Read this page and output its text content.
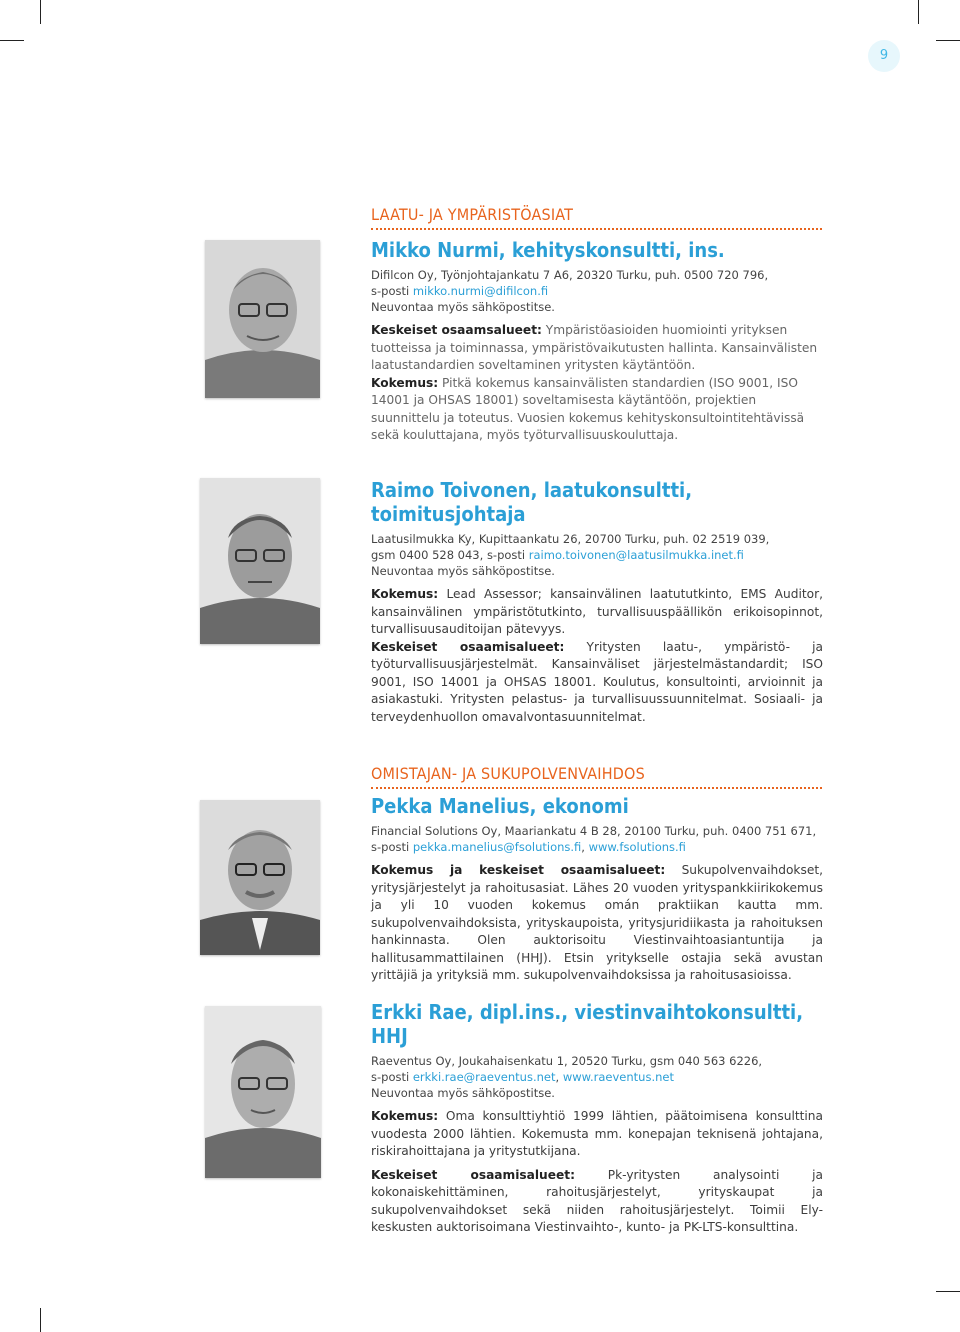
9
LAATU- JA YMPÄRISTÖASIAT
Mikko Nurmi, kehityskonsultti, ins.

Difilcon Oy, Työnjohtajankatu 7 A6, 20320 Turku, puh. 0500 720 796,

s-posti mikko.nurmi@difilcon.fi

Neuvontaa myös sähköpostitse.

Keskeiset osaamsalueet: Ympäristöasioiden huomiointi yrityksen tuotteissa ja toiminnassa, ympäristövaikutusten hallinta. Kansainvälisten laatustandardien soveltaminen yritysten käytäntöön.

Kokemus: Pitkä kokemus kansainvälisten standardien (ISO 9001, ISO 14001 ja OHSAS 18001) soveltamisesta käytäntöön, projektien suunnittelu ja toteutus. Vuosien kokemus kehityskonsultointitehtävissä sekä kouluttajana, myös työturvallisuuskouluttaja.

Raimo Toivonen, laatukonsultti, toimitusjohtaja

Laatusilmukka Ky, Kupittaankatu 26, 20700 Turku, puh. 02 2519 039,

gsm 0400 528 043, s-posti raimo.toivonen@laatusilmukka.inet.fi

Neuvontaa myös sähköpostitse.

Kokemus: Lead Assessor; kansainvälinen laatututkinto, EMS Auditor, kansainvälinen ympäristötutkinto, turvallisuuspäällikön erikoisopinnot, turvallisuusauditoijan pätevyys.

Keskeiset osaamisalueet: Yritysten laatu-, ympäristö- ja työturvallisuusjärjestelmät. Kansainväliset järjestelmästandardit; ISO 9001, ISO 14001 ja OHSAS 18001. Koulutus, konsultointi, arvioinnit ja asiakastuki. Yritysten pelastus- ja turvallisuussuunnitelmat. Sosiaali- ja terveydenhuollon omavalvontasuunnitelmat.

OMISTAJAN- JA SUKUPOLVENVAIHDOS
Pekka Manelius, ekonomi

Financial Solutions Oy, Maariankatu 4 B 28, 20100 Turku, puh. 0400 751 671,

s-posti pekka.manelius@fsolutions.fi, www.fsolutions.fi

Kokemus ja keskeiset osaamisalueet: Sukupolvenvaihdokset, yritysjärjestelyt ja rahoitusasiat. Lähes 20 vuoden yrityspankkiirikokemus ja yli 10 vuoden kokemus omán praktiikan kautta mm. sukupolvenvaihdoksista, yrityskaupoista, yritysjuridiikasta ja rahoituksen hankinnasta. Olen auktorisoitu Viestinvaihtoasiantuntija ja hallitusammattilainen (HHJ). Etsin yritykselle ostajia sekä avustan yrittäjiä ja yrityksiä mm. sukupolvenvaihdoksissa ja rahoitusasioissa.

Erkki Rae, dipl.ins., viestinvaihtokonsultti, HHJ

Raeventus Oy, Joukahaisenkatu 1, 20520 Turku, gsm 040 563 6226,

s-posti erkki.rae@raeventus.net, www.raeventus.net

Neuvontaa myös sähköpostitse.

Kokemus: Oma konsulttiyhtiö 1999 lähtien, päätoimisena konsulttina vuodesta 2000 lähtien. Kokemusta mm. konepajan teknisenä johtajana, riskirahoittajana ja yritystutkijana.

Keskeiset osaamisalueet: Pk-yritysten analysointi ja kokonaiskehittäminen, rahoitusjärjestelyt, yrityskaupat ja sukupolvenvaihdokset sekä niiden rahoitusjärjestelyt. Toimii Ely-keskusten auktorisoimana Viestinvaihto-, kunto- ja PK-LTS-konsulttina.
